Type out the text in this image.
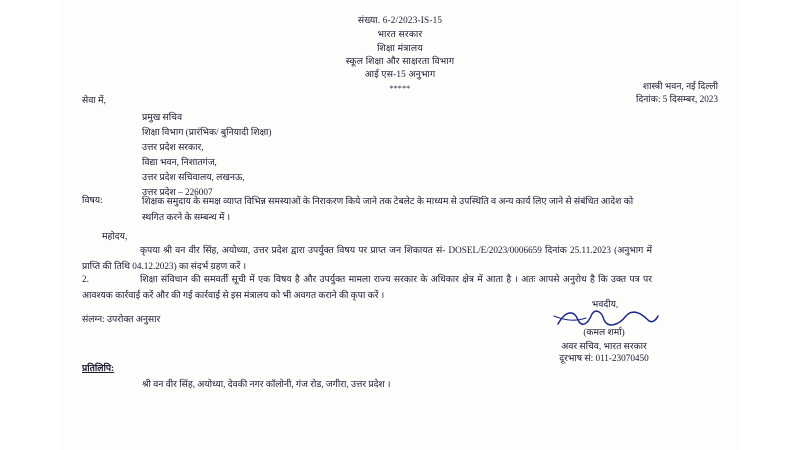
संख्या. 6-2/2023-IS-15
भारत सरकार
शिक्षा मंत्रालय
स्कूल शिक्षा और साक्षरता विभाग
आई एस-15 अनुभाग
*****	शास्त्री भवन, नई दिल्ली
दिनांक: 5 दिसम्बर, 2023
सेवा में,
प्रमुख सचिव
शिक्षा विभाग (प्रारंभिक/ बुनियादी शिक्षा)
उत्तर प्रदेश सरकार,
विद्या भवन, निशातगंज,
उत्तर प्रदेश सचिवालय, लखनऊ,
उत्तर प्रदेश – 226007
विषय:	शिक्षक समुदाय के समक्ष व्याप्त विभिन्न समस्याओं के निराकरण किये जाने तक टेबलेट के माध्यम से उपस्थिति व अन्य कार्य लिए जाने से संबंधित आदेश को स्थगित करने के सम्बन्ध में ।
महोदय,
कृपया श्री वन वीर सिंह, अयोध्या, उत्तर प्रदेश द्वारा उपर्युक्त विषय पर प्राप्त जन शिकायत सं- DOSEL/E/2023/0006659 दिनांक 25.11.2023 (अनुभाग में प्राप्ति की तिथि 04.12.2023) का संदर्भ ग्रहण करें ।
2.	शिक्षा संविधान की समवर्ती सूची में एक विषय है और उपर्युक्त मामला राज्य सरकार के अधिकार क्षेत्र में आता है । अतः आपसे अनुरोध है कि उक्त पत्र पर आवश्यक कार्रवाई करें और की गई कार्रवाई से इस मंत्रालय को भी अवगत कराने की कृपा करें ।
भवदीय,
(कमल शर्मा)
अवर सचिव, भारत सरकार
दूरभाष सं: 011-23070450
संलग्न: उपरोक्त अनुसार
प्रतिलिपि:
श्री वन वीर सिंह, अयोध्या, देवकी नगर कॉलोनी, गंज रोड, जगीरा, उत्तर प्रदेश ।
